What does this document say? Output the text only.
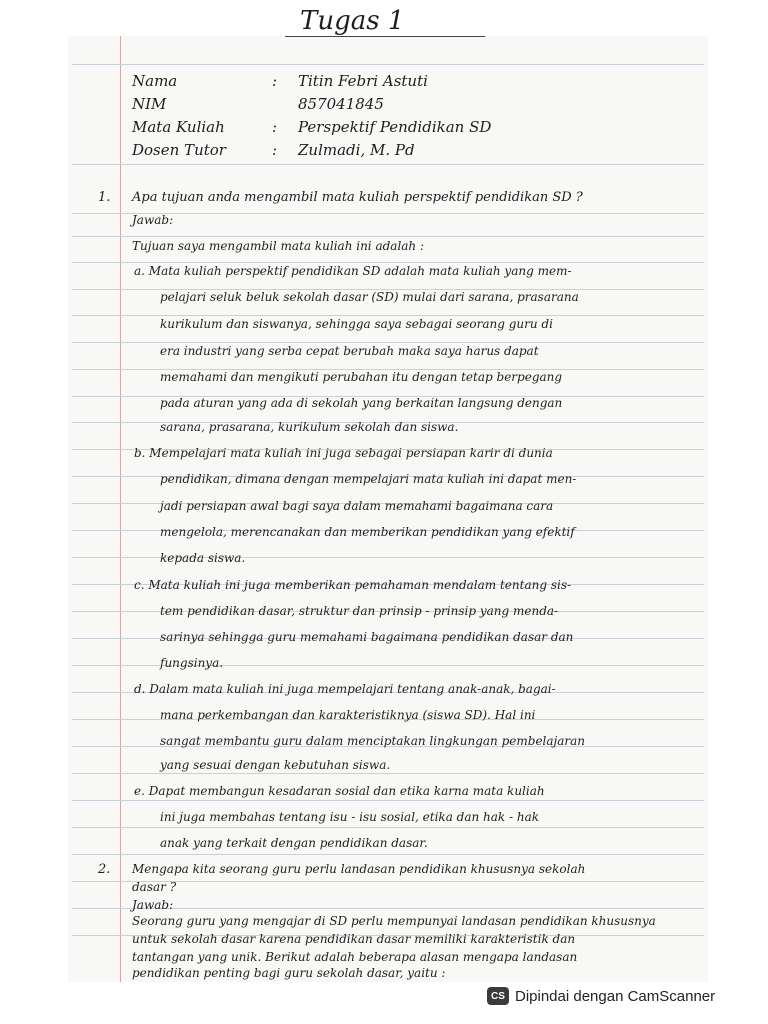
Tugas 1
Nama	: Titin Febri Astuti
NIM	857041845
Mata Kuliah	: Perspektif Pendidikan SD
Dosen Tutor	: Zulmadi, M. Pd
1. Apa tujuan anda mengambil mata kuliah perspektif pendidikan SD ?
Jawab:
Tujuan saya mengambil mata kuliah ini adalah :
a. Mata kuliah perspektif pendidikan SD adalah mata kuliah yang mem-
pelajari seluk beluk sekolah dasar (SD) mulai dari sarana, prasarana
kurikulum dan siswanya, sehingga saya sebagai seorang guru di
era industri yang serba cepat berubah maka saya harus dapat
memahami dan mengikuti perubahan itu dengan tetap berpegang
pada aturan yang ada di sekolah yang berkaitan langsung dengan
sarana, prasarana, kurikulum sekolah dan siswa.
b. Mempelajari mata kuliah ini juga sebagai persiapan karir di dunia
pendidikan, dimana dengan mempelajari mata kuliah ini dapat men-
jadi persiapan awal bagi saya dalam memahami bagaimana cara
mengelola, merencanakan dan memberikan pendidikan yang efektif
kepada siswa.
c. Mata kuliah ini juga memberikan pemahaman mendalam tentang sis-
tem pendidikan dasar, struktur dan prinsip - prinsip yang menda-
sarinya sehingga guru memahami bagaimana pendidikan dasar dan
fungsinya.
d. Dalam mata kuliah ini juga mempelajari tentang anak-anak, bagai-
mana perkembangan dan karakteristiknya (siswa SD). Hal ini
sangat membantu guru dalam menciptakan lingkungan pembelajaran
yang sesuai dengan kebutuhan siswa.
e. Dapat membangun kesadaran sosial dan etika karna mata kuliah
ini juga membahas tentang isu - isu sosial, etika dan hak - hak
anak yang terkait dengan pendidikan dasar.
2. Mengapa kita seorang guru perlu landasan pendidikan khususnya sekolah
dasar ?
Jawab:
Seorang guru yang mengajar di SD perlu mempunyai landasan pendidikan khususnya
untuk sekolah dasar karena pendidikan dasar memiliki karakteristik dan
tantangan yang unik. Berikut adalah beberapa alasan mengapa landasan
pendidikan penting bagi guru sekolah dasar, yaitu :
CS Dipindai dengan CamScanner
